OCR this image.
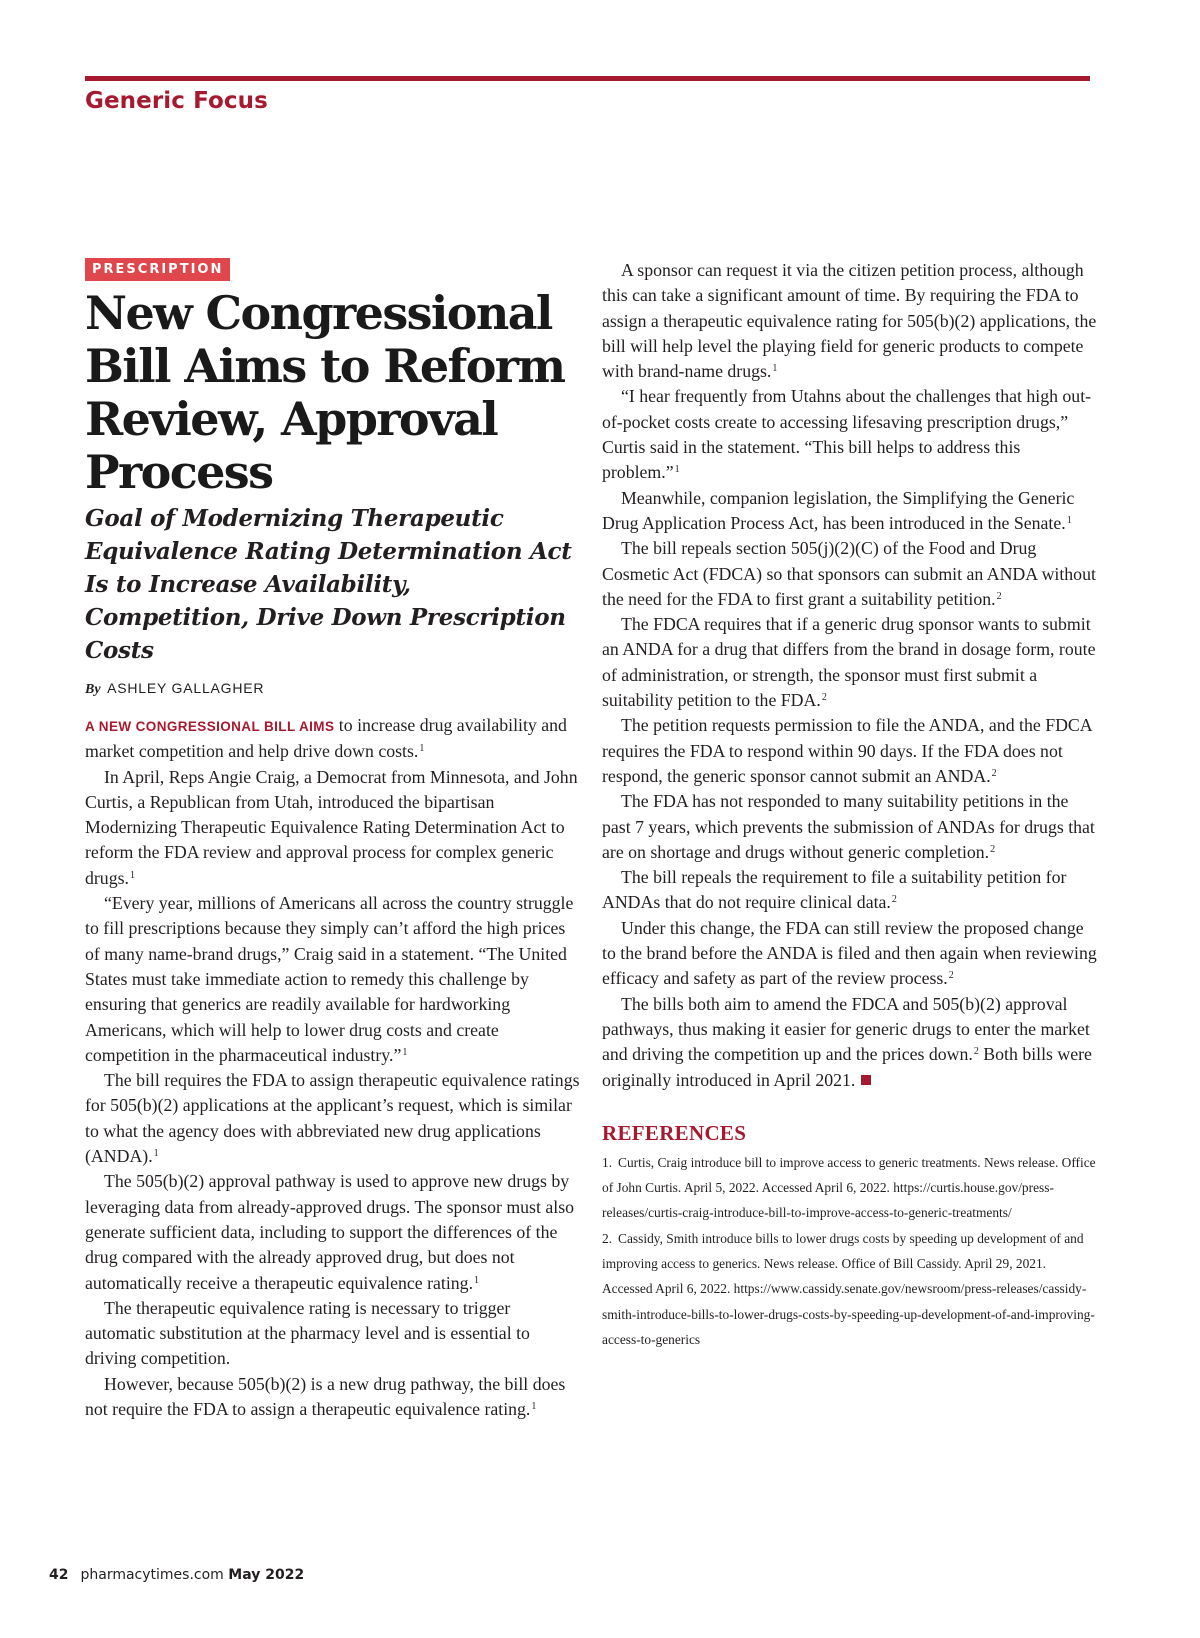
Generic Focus
PRESCRIPTION
New Congressional Bill Aims to Reform Review, Approval Process
Goal of Modernizing Therapeutic Equivalence Rating Determination Act Is to Increase Availability, Competition, Drive Down Prescription Costs
By ASHLEY GALLAGHER

A NEW CONGRESSIONAL BILL AIMS to increase drug availability and market competition and help drive down costs.$^1$

In April, Reps Angie Craig, a Democrat from Minnesota, and John Curtis, a Republican from Utah, introduced the bipartisan Modernizing Therapeutic Equivalence Rating Determination Act to reform the FDA review and approval process for complex generic drugs.$^1$

“Every year, millions of Americans all across the country struggle to fill prescriptions because they simply can’t afford the high prices of many name-brand drugs,” Craig said in a statement. “The United States must take immediate action to remedy this challenge by ensuring that generics are readily available for hardworking Americans, which will help to lower drug costs and create competition in the pharmaceutical industry.”$^1$

The bill requires the FDA to assign therapeutic equivalence ratings for 505(b)(2) applications at the applicant’s request, which is similar to what the agency does with abbreviated new drug applications (ANDA).$^1$

The 505(b)(2) approval pathway is used to approve new drugs by leveraging data from already-approved drugs. The sponsor must also generate sufficient data, including to support the differences of the drug compared with the already approved drug, but does not automatically receive a therapeutic equivalence rating.$^1$

The therapeutic equivalence rating is necessary to trigger automatic substitution at the pharmacy level and is essential to driving competition.

However, because 505(b)(2) is a new drug pathway, the bill does not require the FDA to assign a therapeutic equivalence rating.$^1$

A sponsor can request it via the citizen petition process, although this can take a significant amount of time. By requiring the FDA to assign a therapeutic equivalence rating for 505(b)(2) applications, the bill will help level the playing field for generic products to compete with brand-name drugs.$^1$

“I hear frequently from Utahns about the challenges that high out-of-pocket costs create to accessing lifesaving prescription drugs,” Curtis said in the statement. “This bill helps to address this problem.”$^1$

Meanwhile, companion legislation, the Simplifying the Generic Drug Application Process Act, has been introduced in the Senate.$^1$

The bill repeals section 505(j)(2)(C) of the Food and Drug Cosmetic Act (FDCA) so that sponsors can submit an ANDA without the need for the FDA to first grant a suitability petition.$^2$

The FDCA requires that if a generic drug sponsor wants to submit an ANDA for a drug that differs from the brand in dosage form, route of administration, or strength, the sponsor must first submit a suitability petition to the FDA.$^2$

The petition requests permission to file the ANDA, and the FDCA requires the FDA to respond within 90 days. If the FDA does not respond, the generic sponsor cannot submit an ANDA.$^2$

The FDA has not responded to many suitability petitions in the past 7 years, which prevents the submission of ANDAs for drugs that are on shortage and drugs without generic completion.$^2$

The bill repeals the requirement to file a suitability petition for ANDAs that do not require clinical data.$^2$

Under this change, the FDA can still review the proposed change to the brand before the ANDA is filed and then again when reviewing efficacy and safety as part of the review process.$^2$

The bills both aim to amend the FDCA and 505(b)(2) approval pathways, thus making it easier for generic drugs to enter the market and driving the competition up and the prices down.$^2$ Both bills were originally introduced in April 2021.

REFERENCES

1. Curtis, Craig introduce bill to improve access to generic treatments. News release. Office of John Curtis. April 5, 2022. Accessed April 6, 2022. https://curtis.house.gov/press-releases/curtis-craig-introduce-bill-to-improve-access-to-generic-treatments/

2. Cassidy, Smith introduce bills to lower drugs costs by speeding up development of and improving access to generics. News release. Office of Bill Cassidy. April 29, 2021. Accessed April 6, 2022. https://www.cassidy.senate.gov/newsroom/press-releases/cassidy-smith-introduce-bills-to-lower-drugs-costs-by-speeding-up-development-of-and-improving-access-to-generics

42 pharmacytimes.com May 2022
